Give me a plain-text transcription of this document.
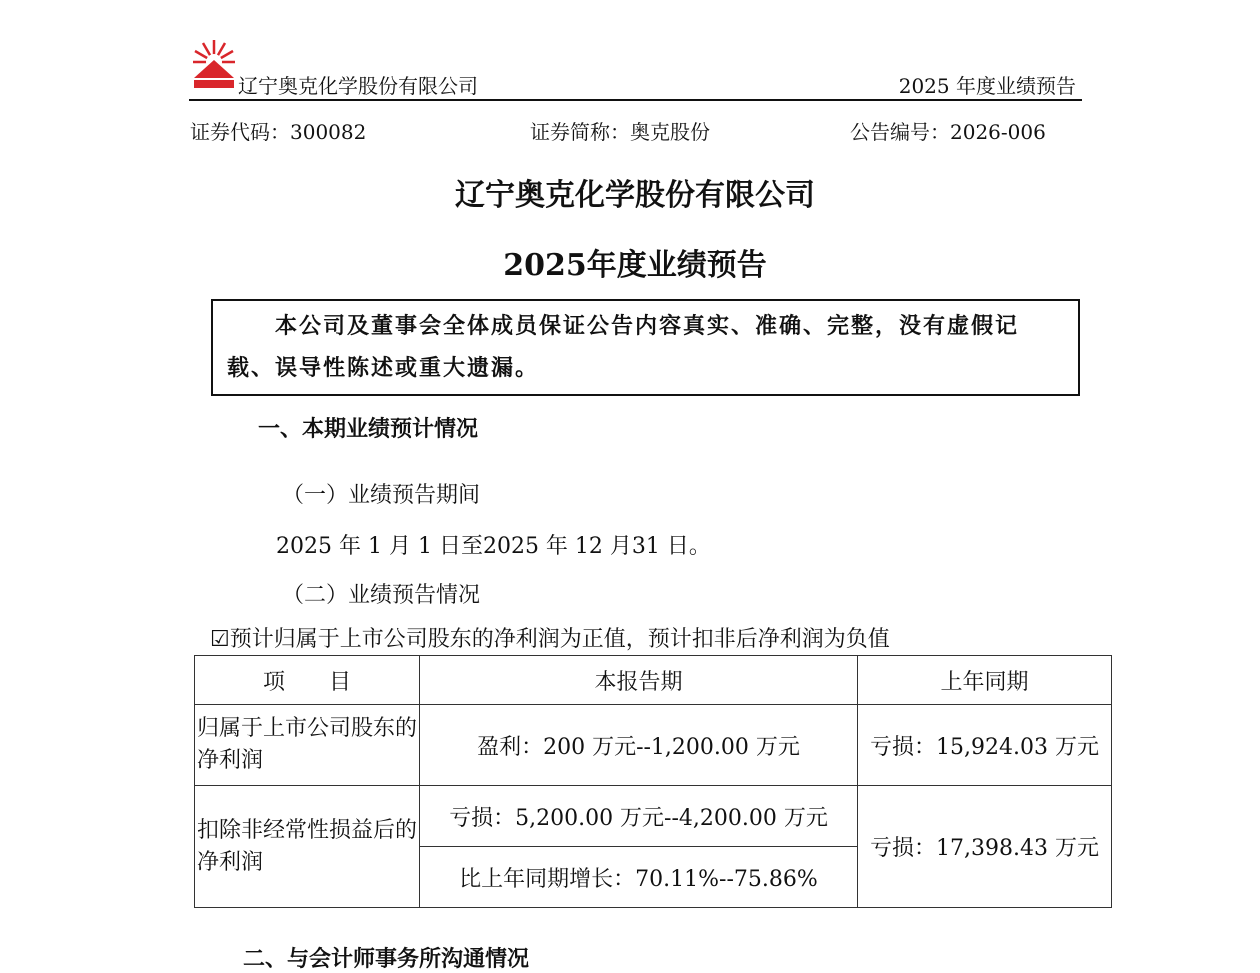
辽宁奥克化学股份有限公司	2025 年度业绩预告
证券代码：300082	证券简称：奥克股份	公告编号：2026-006
辽宁奥克化学股份有限公司
2025年度业绩预告
本公司及董事会全体成员保证公告内容真实、准确、完整，没有虚假记载、误导性陈述或重大遗漏。
一、本期业绩预计情况
（一）业绩预告期间
2025 年 1 月 1 日至2025 年 12 月31 日。
（二）业绩预告情况
☑预计归属于上市公司股东的净利润为正值，预计扣非后净利润为负值
项　　目	本报告期	上年同期
归属于上市公司股东的净利润	盈利：200 万元--1,200.00 万元	亏损：15,924.03 万元
扣除非经常性损益后的净利润	亏损：5,200.00 万元--4,200.00 万元	亏损：17,398.43 万元
	比上年同期增长：70.11%--75.86%	
二、与会计师事务所沟通情况
